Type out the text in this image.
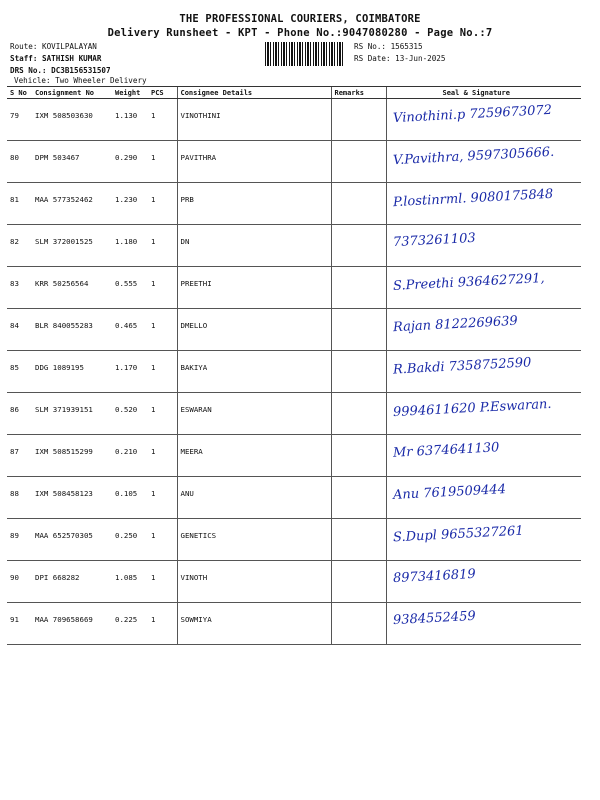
THE PROFESSIONAL COURIERS, COIMBATORE
Delivery Runsheet - KPT - Phone No.:9047080280 - Page No.:7
Route: KOVILPALAYAN
Staff: SATHISH KUMAR
DRS No.: DC3B156531507
Vehicle: Two Wheeler Delivery
RS No.: 1565315
RS Date: 13-Jun-2025
S No	Consignment No	Weight	PCS	Consignee Details	Remarks	Seal & Signature
79	IXM 508503630	1.130	1	VINOTHINI		Vinothini.p 7259673072

80	DPM 503467	0.290	1	PAVITHRA		V.Pavithra, 9597305666.

81	MAA 577352462	1.230	1	PRB		P.lostinrml. 9080175848

82	SLM 372001525	1.180	1	DN		7373261103

83	KRR 50256564	0.555	1	PREETHI		S.Preethi 9364627291,

84	BLR 840055283	0.465	1	DMELLO		Rajan 8122269639

85	DDG 1089195	1.170	1	BAKIYA		R.Bakdi 7358752590

86	SLM 371939151	0.520	1	ESWARAN		9994611620 P.Eswaran.

87	IXM 508515299	0.210	1	MEERA		Mr 6374641130

88	IXM 508458123	0.105	1	ANU		Anu 7619509444

89	MAA 652570305	0.250	1	GENETICS		S.Dupl 9655327261

90	DPI 668282	1.085	1	VINOTH		8973416819

91	MAA 709658669	0.225	1	SOWMIYA		9384552459
